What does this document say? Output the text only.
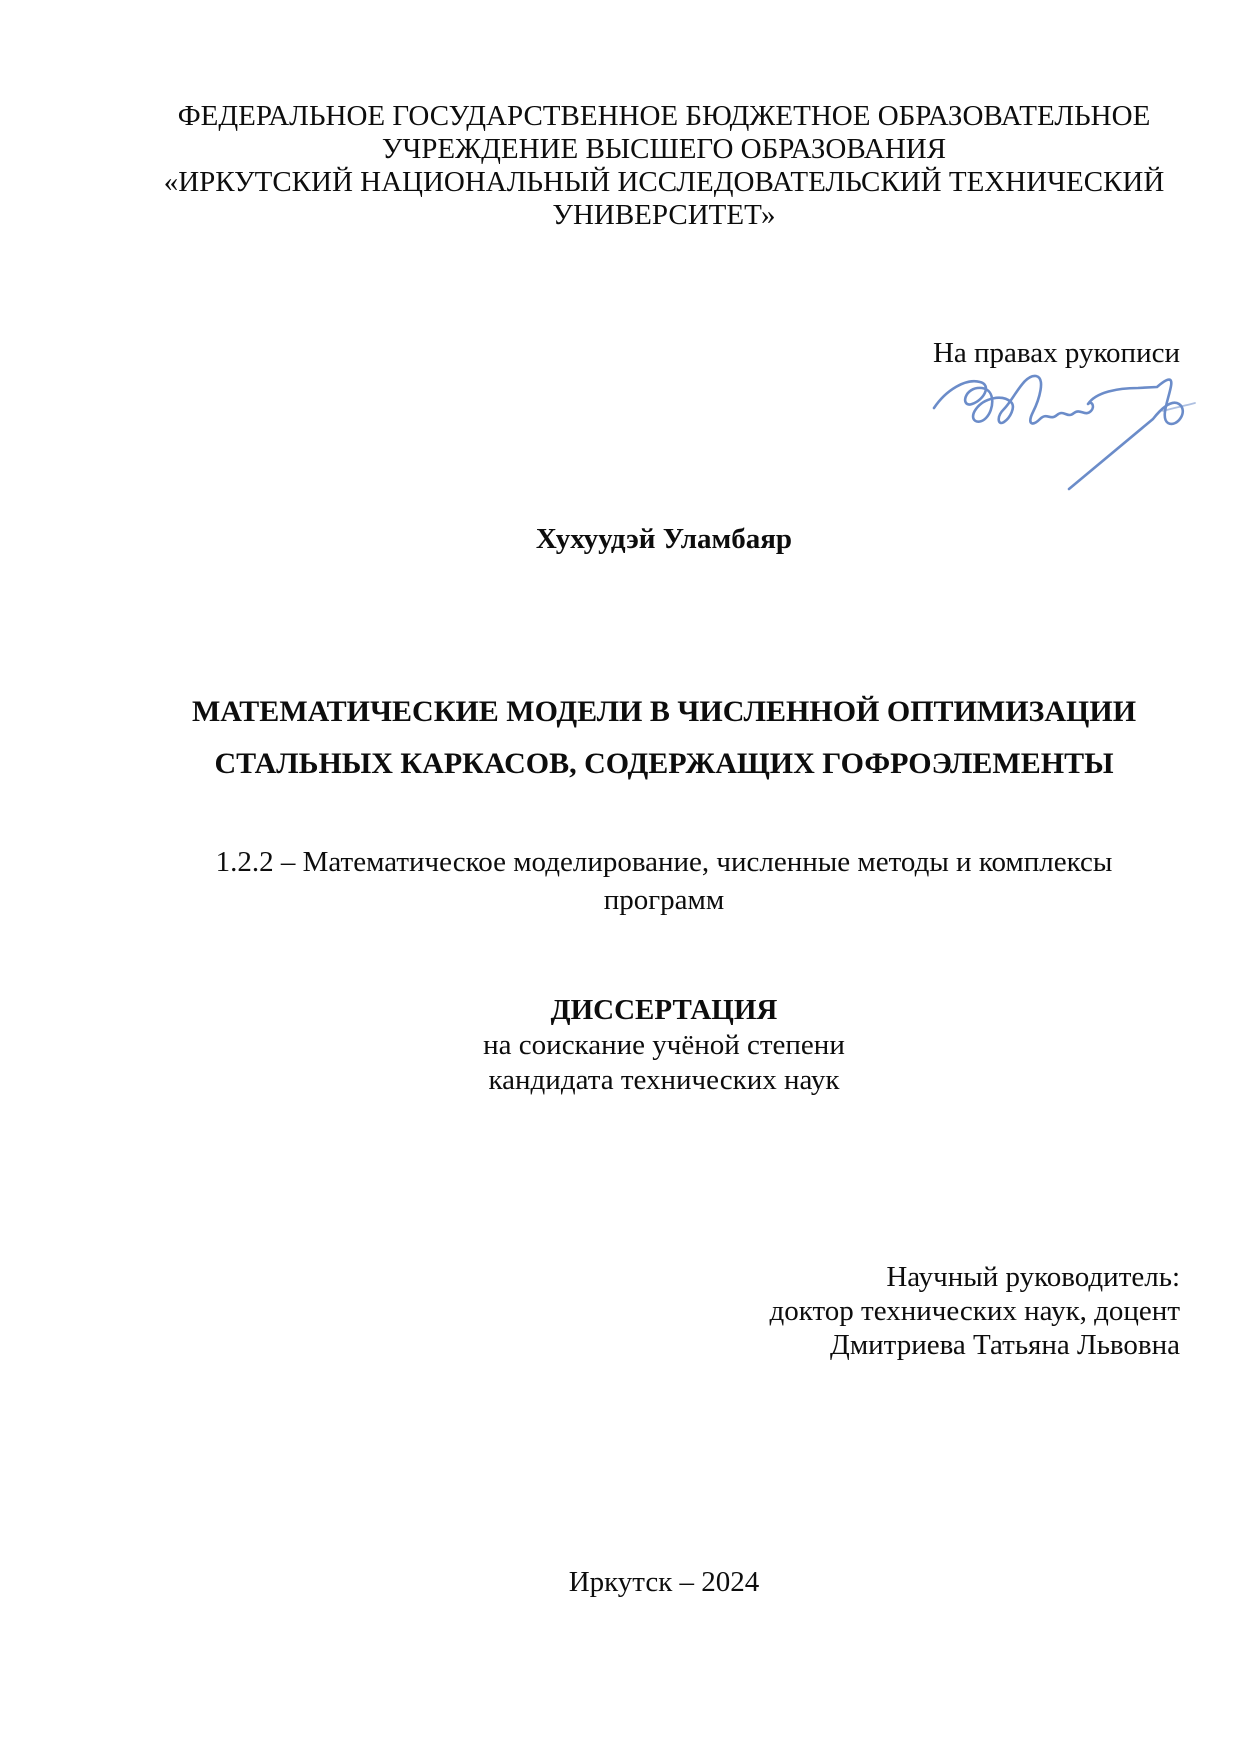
ФЕДЕРАЛЬНОЕ ГОСУДАРСТВЕННОЕ БЮДЖЕТНОЕ ОБРАЗОВАТЕЛЬНОЕ
УЧРЕЖДЕНИЕ ВЫСШЕГО ОБРАЗОВАНИЯ
«ИРКУТСКИЙ НАЦИОНАЛЬНЫЙ ИССЛЕДОВАТЕЛЬСКИЙ ТЕХНИЧЕСКИЙ
УНИВЕРСИТЕТ»
На правах рукописи
Хухуудэй Уламбаяр
МАТЕМАТИЧЕСКИЕ МОДЕЛИ В ЧИСЛЕННОЙ ОПТИМИЗАЦИИ
СТАЛЬНЫХ КАРКАСОВ, СОДЕРЖАЩИХ ГОФРОЭЛЕМЕНТЫ
1.2.2 – Математическое моделирование, численные методы и комплексы
программ
ДИССЕРТАЦИЯ
на соискание учёной степени
кандидата технических наук
Научный руководитель:
доктор технических наук, доцент
Дмитриева Татьяна Львовна
Иркутск – 2024
